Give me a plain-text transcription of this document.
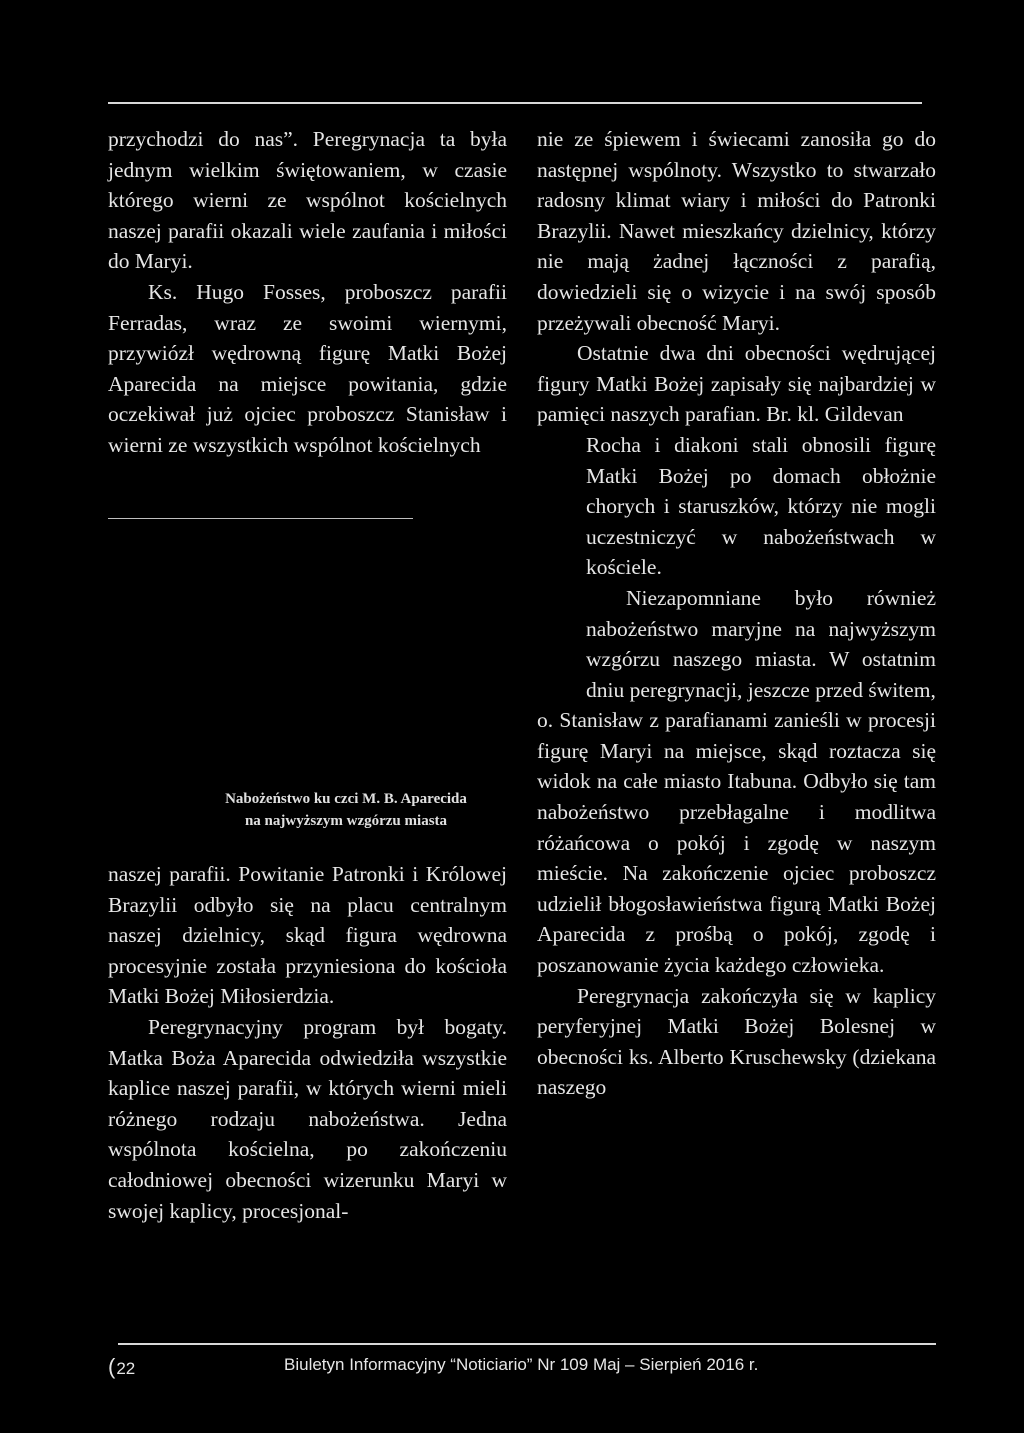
przychodzi do nas”. Peregrynacja ta była jednym wielkim świętowaniem, w czasie którego wierni ze wspólnot kościelnych naszej parafii okazali wiele zaufania i miłości do Maryi.

Ks. Hugo Fosses, proboszcz parafii Ferradas, wraz ze swoimi wiernymi, przywiózł wędrowną figurę Matki Bożej Aparecida na miejsce powitania, gdzie oczekiwał już ojciec proboszcz Stanisław i wierni ze wszystkich wspólnot kościelnych

Nabożeństwo ku czci M. B. Aparecida
na najwyższym wzgórzu miasta

naszej parafii. Powitanie Patronki i Królowej Brazylii odbyło się na placu centralnym naszej dzielnicy, skąd figura wędrowna procesyjnie została przyniesiona do kościoła Matki Bożej Miłosierdzia.

Peregrynacyjny program był bogaty. Matka Boża Aparecida odwiedziła wszystkie kaplice naszej parafii, w których wierni mieli różnego rodzaju nabożeństwa. Jedna wspólnota kościelna, po zakończeniu całodniowej obecności wizerunku Maryi w swojej kaplicy, procesjonal-

nie ze śpiewem i świecami zanosiła go do następnej wspólnoty. Wszystko to stwarzało radosny klimat wiary i miłości do Patronki Brazylii. Nawet mieszkańcy dzielnicy, którzy nie mają żadnej łączności z parafią, dowiedzieli się o wizycie i na swój sposób przeżywali obecność Maryi.

Ostatnie dwa dni obecności wędrującej figury Matki Bożej zapisały się najbardziej w pamięci naszych parafian. Br. kl. Gildevan

Rocha i diakoni stali obnosili figurę Matki Bożej po domach obłożnie chorych i staruszków, którzy nie mogli uczestniczyć w nabożeństwach w kościele.
Niezapomniane było również nabożeństwo maryjne na najwyższym wzgórzu naszego miasta. W ostatnim dniu peregrynacji, jeszcze przed świtem,

o. Stanisław z parafianami zanieśli w procesji figurę Maryi na miejsce, skąd roztacza się widok na całe miasto Itabuna. Odbyło się tam nabożeństwo przebłagalne i modlitwa różańcowa o pokój i zgodę w naszym mieście. Na zakończenie ojciec proboszcz udzielił błogosławieństwa figurą Matki Bożej Aparecida z prośbą o pokój, zgodę i poszanowanie życia każdego człowieka.

Peregrynacja zakończyła się w kaplicy peryferyjnej Matki Bożej Bolesnej w obecności ks. Alberto Kruschewsky (dziekana naszego

(22	Biuletyn Informacyjny “Noticiario” Nr 109 Maj – Sierpień 2016 r.
